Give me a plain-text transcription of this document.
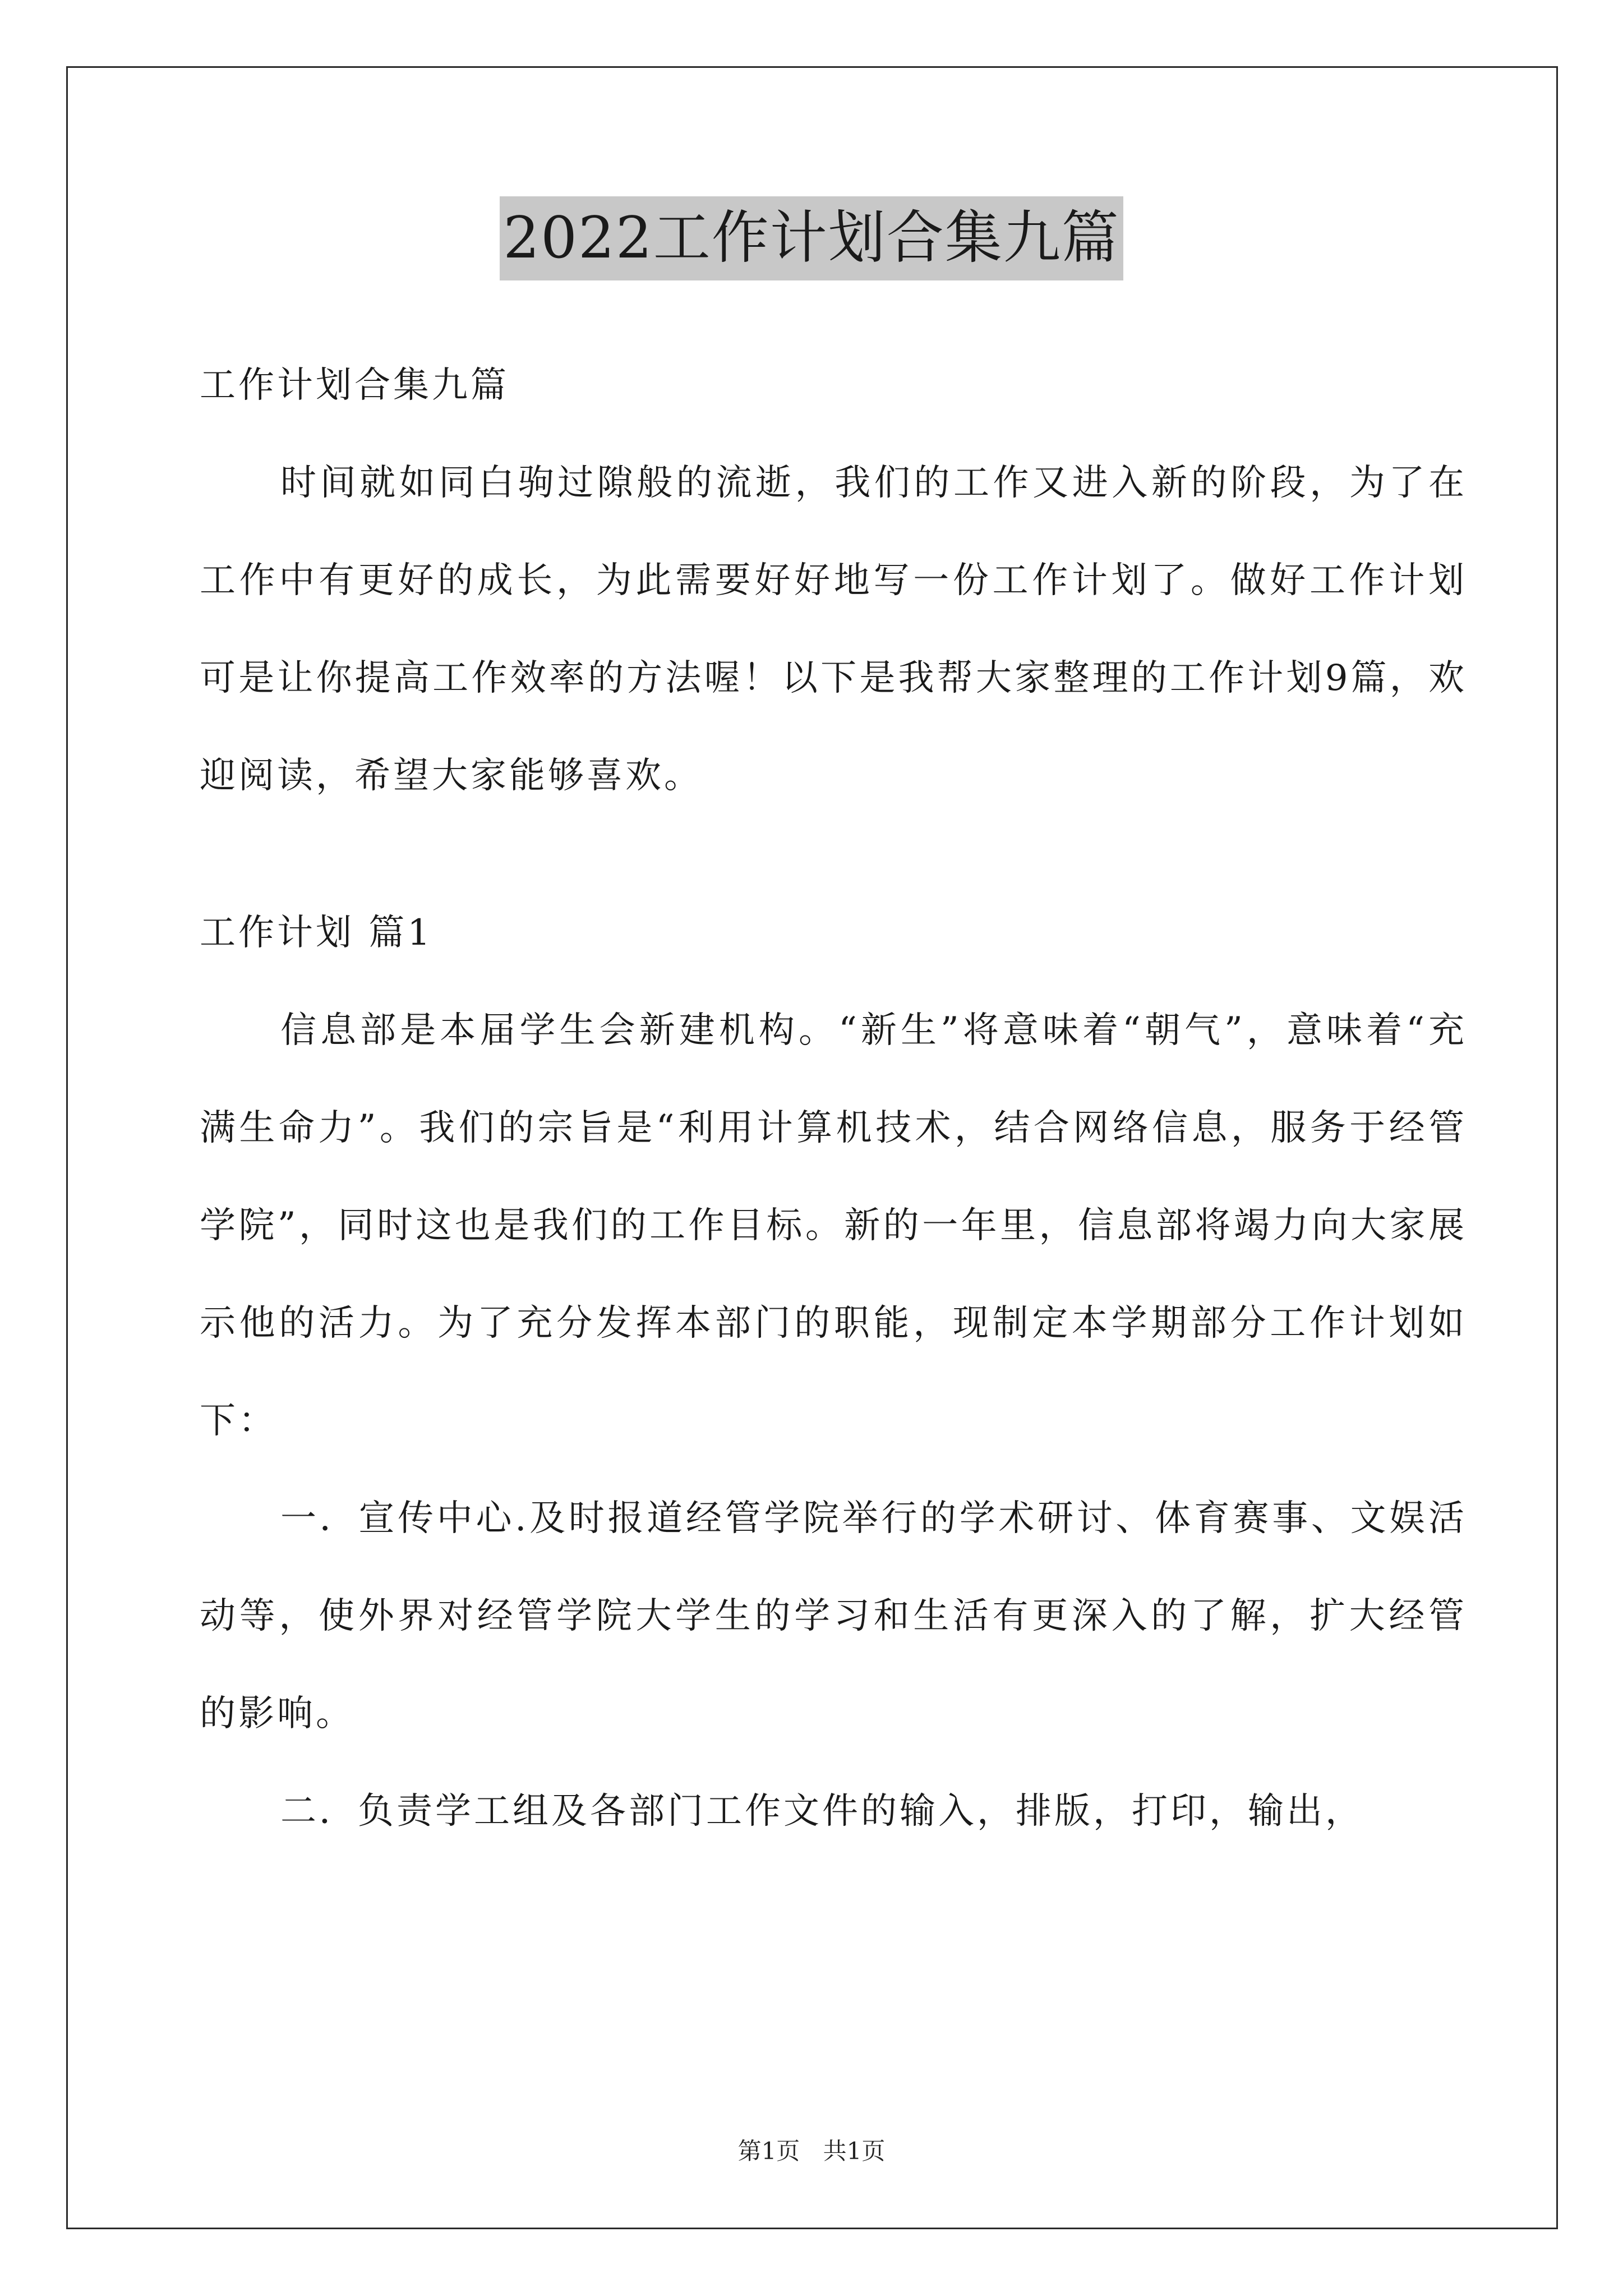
2022工作计划合集九篇

工作计划合集九篇

时间就如同白驹过隙般的流逝，我们的工作又进入新的阶段，为了在工作中有更好的成长，为此需要好好地写一份工作计划了。做好工作计划可是让你提高工作效率的方法喔！以下是我帮大家整理的工作计划9篇，欢迎阅读，希望大家能够喜欢。

工作计划 篇1

信息部是本届学生会新建机构。“新生”将意味着“朝气”，意味着“充满生命力”。我们的宗旨是“利用计算机技术，结合网络信息，服务于经管学院”，同时这也是我们的工作目标。新的一年里，信息部将竭力向大家展示他的活力。为了充分发挥本部门的职能，现制定本学期部分工作计划如下：

一．宣传中心.及时报道经管学院举行的学术研讨、体育赛事、文娱活动等，使外界对经管学院大学生的学习和生活有更深入的了解，扩大经管的影响。

二．负责学工组及各部门工作文件的输入，排版，打印，输出，

第1页 共1页
